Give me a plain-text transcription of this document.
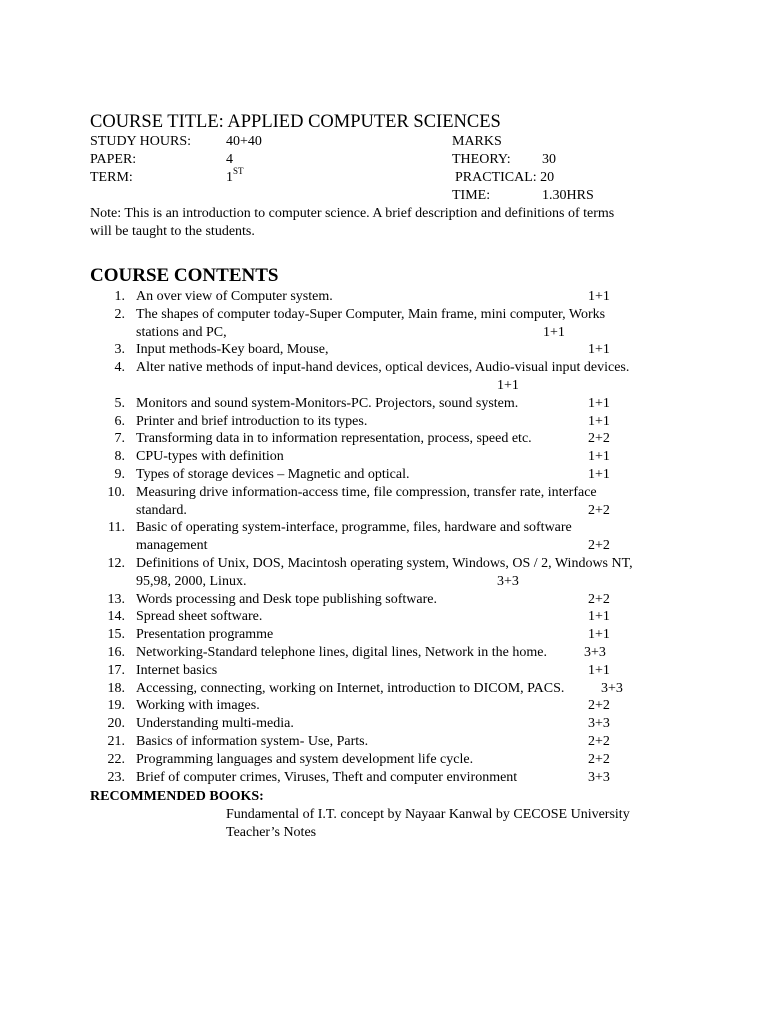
COURSE TITLE: APPLIED COMPUTER SCIENCES
STUDY HOURS:	40+40	MARKS
PAPER:	4	THEORY: 30
TERM:	1ST	PRACTICAL: 20
TIME:	1.30HRS
Note: This is an introduction to computer science. A brief description and definitions of terms
will be taught to the students.
COURSE CONTENTS
1. An over view of Computer system.	1+1
2. The shapes of computer today-Super Computer, Main frame, mini computer, Works
stations and PC,	1+1
3. Input methods-Key board, Mouse,	1+1
4. Alter native methods of input-hand devices, optical devices, Audio-visual input devices.
1+1
5. Monitors and sound system-Monitors-PC. Projectors, sound system.	1+1
6. Printer and brief introduction to its types.	1+1
7. Transforming data in to information representation, process, speed etc.	2+2
8. CPU-types with definition	1+1
9. Types of storage devices – Magnetic and optical.	1+1
10. Measuring drive information-access time, file compression, transfer rate, interface
standard.	2+2
11. Basic of operating system-interface, programme, files, hardware and software
management	2+2
12. Definitions of Unix, DOS, Macintosh operating system, Windows, OS / 2, Windows NT,
95,98, 2000, Linux.	3+3
13. Words processing and Desk tope publishing software.	2+2
14. Spread sheet software.	1+1
15. Presentation programme	1+1
16. Networking-Standard telephone lines, digital lines, Network in the home.	3+3
17. Internet basics	1+1
18. Accessing, connecting, working on Internet, introduction to DICOM, PACS.	3+3
19. Working with images.	2+2
20. Understanding multi-media.	3+3
21. Basics of information system- Use, Parts.	2+2
22. Programming languages and system development life cycle.	2+2
23. Brief of computer crimes, Viruses, Theft and computer environment	3+3
RECOMMENDED BOOKS:
Fundamental of I.T. concept by Nayaar Kanwal by CECOSE University
Teacher’s Notes
